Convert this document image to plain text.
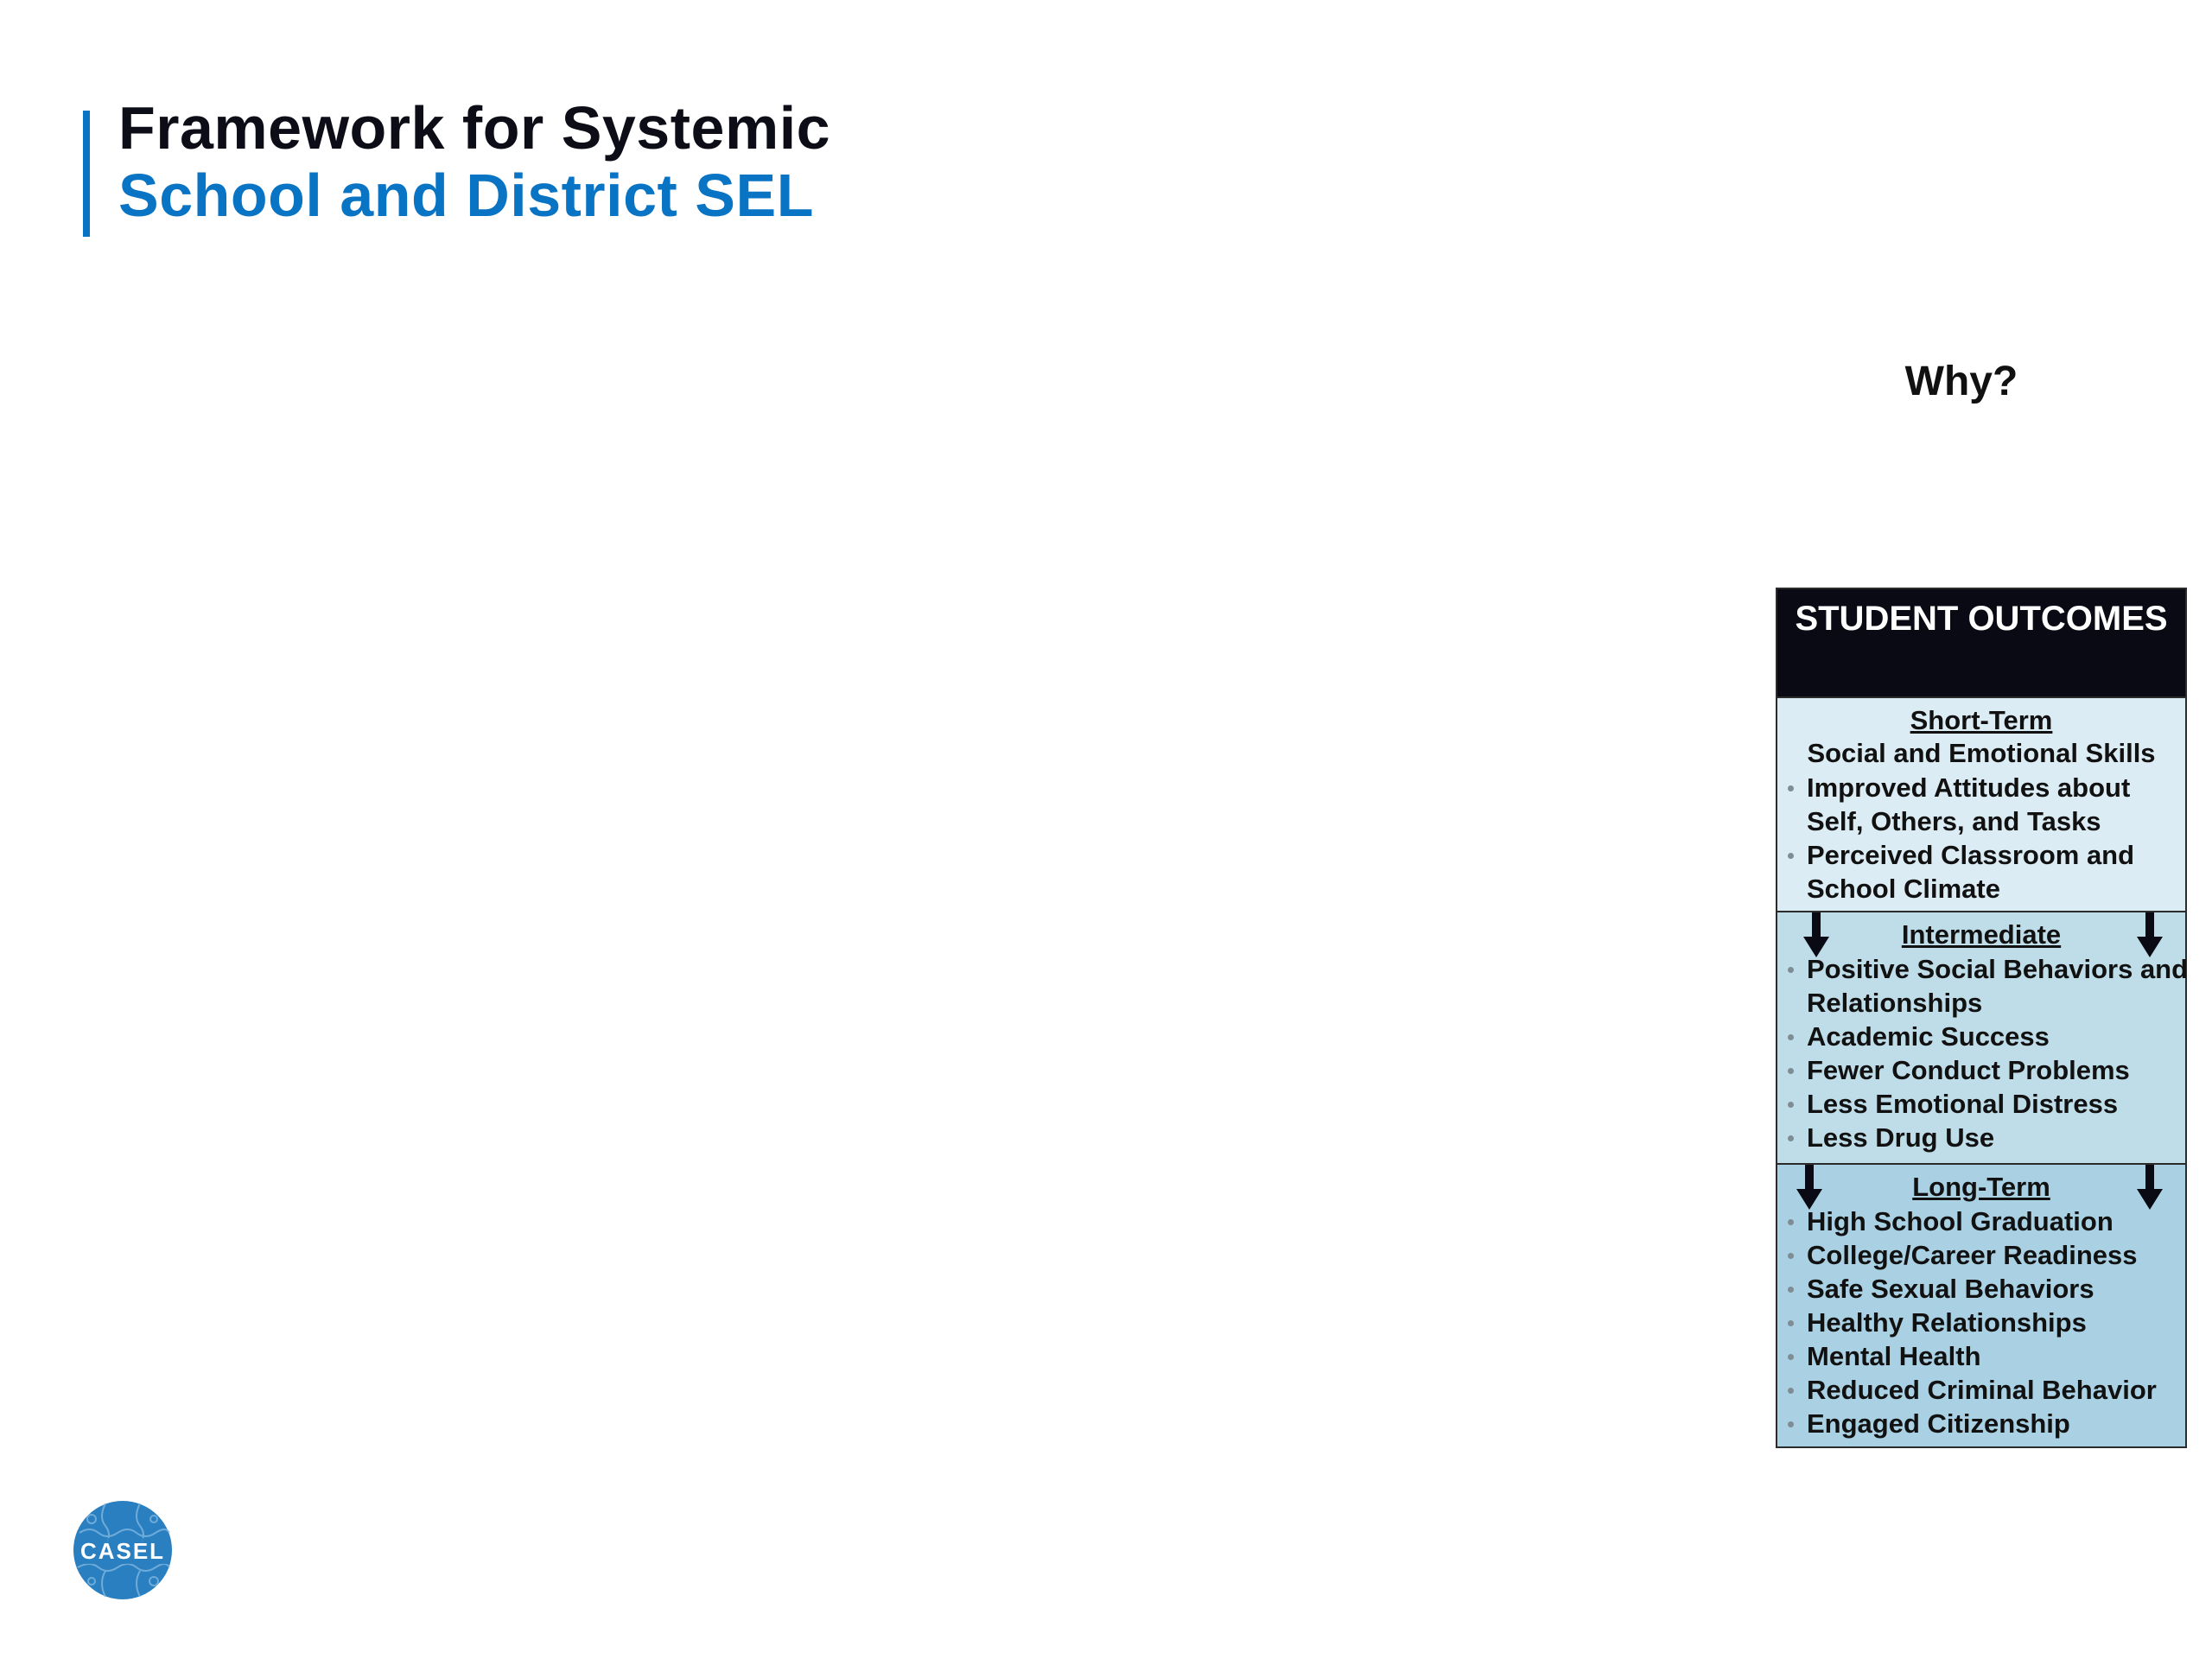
Framework for Systemic
School and District SEL
Why?
STUDENT OUTCOMES
Short-Term
Social and Emotional Skills
Improved Attitudes about
Self, Others, and Tasks
Perceived Classroom and
School Climate
Intermediate
Positive Social Behaviors and
Relationships
Academic Success
Fewer Conduct Problems
Less Emotional Distress
Less Drug Use
Long-Term
High School Graduation
College/Career Readiness
Safe Sexual Behaviors
Healthy Relationships
Mental Health
Reduced Criminal Behavior
Engaged Citizenship
CASEL
